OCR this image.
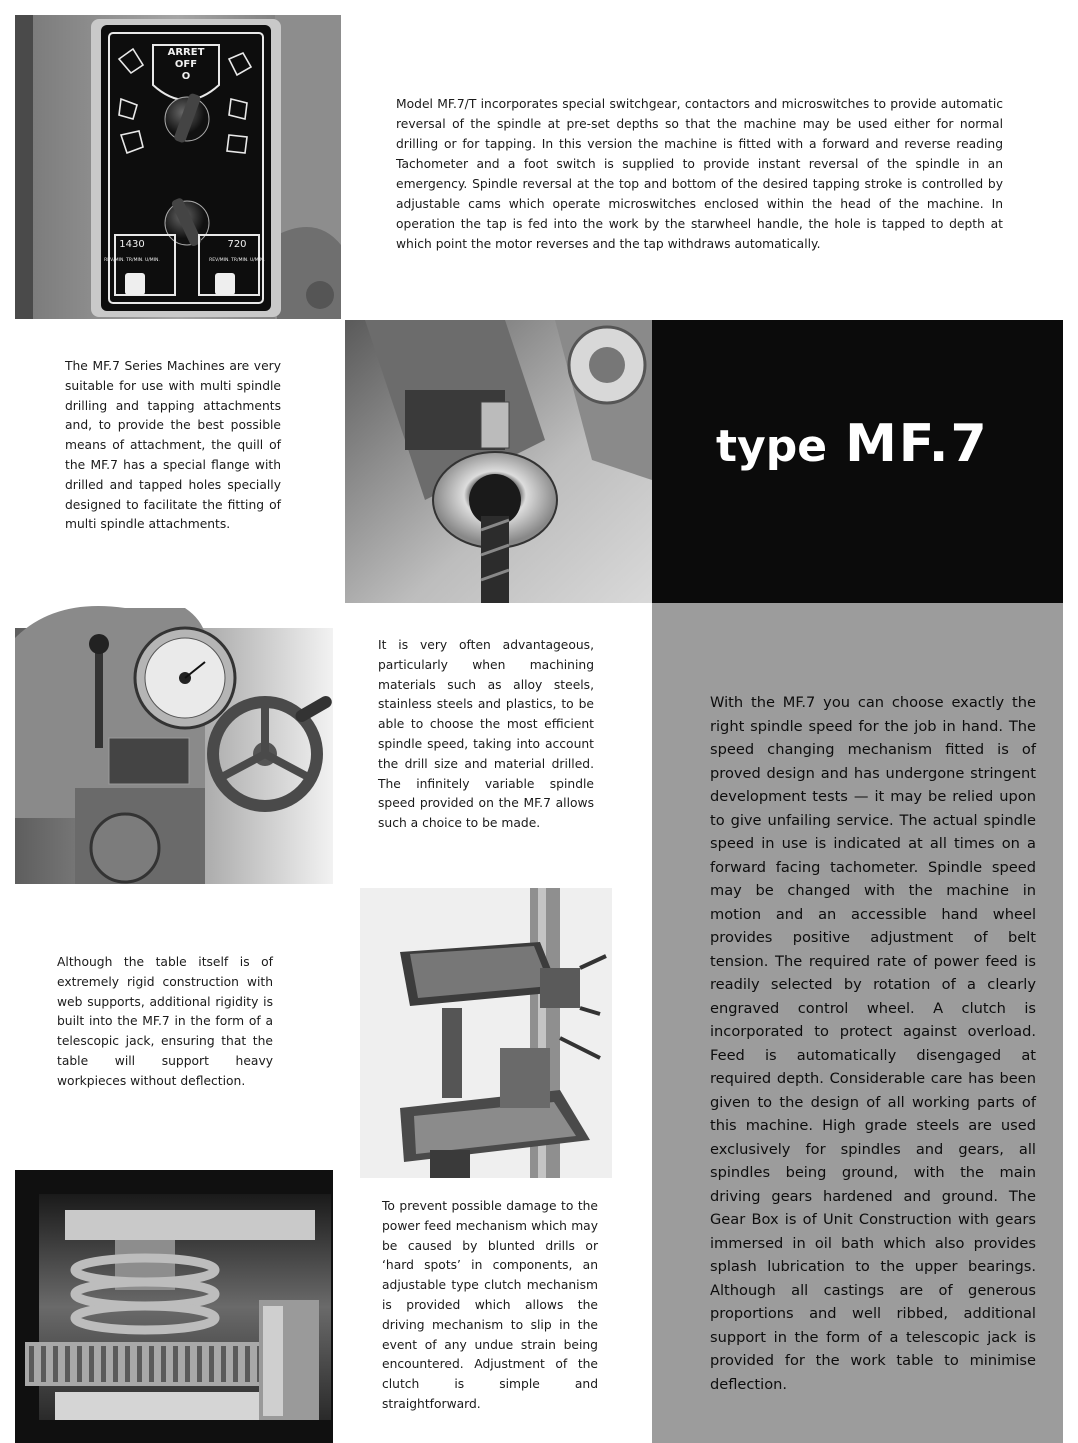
ARRET
OFF
O
1430	720
REV/MIN. TR/MIN. U/MIN.	REV/MIN. TR/MIN. U/MIN.

Model MF.7/T incorporates special switchgear, contactors and microswitches to provide automatic reversal of the spindle at pre-set depths so that the machine may be used either for normal drilling or for tapping. In this version the machine is fitted with a forward and reverse reading Tachometer and a foot switch is supplied to provide instant reversal of the spindle in an emergency. Spindle reversal at the top and bottom of the desired tapping stroke is controlled by adjustable cams which operate microswitches enclosed within the head of the machine. In operation the tap is fed into the work by the starwheel handle, the hole is tapped to depth at which point the motor reverses and the tap withdraws automatically.

The MF.7 Series Machines are very suitable for use with multi spindle drilling and tapping attachments and, to provide the best possible means of attachment, the quill of the MF.7 has a special flange with drilled and tapped holes specially designed to facilitate the fitting of multi spindle attachments.

type MF.7

It is very often advantageous, particularly when machining materials such as alloy steels, stainless steels and plastics, to be able to choose the most efficient spindle speed, taking into account the drill size and material drilled. The infinitely variable spindle speed provided on the MF.7 allows such a choice to be made.

With the MF.7 you can choose exactly the right spindle speed for the job in hand. The speed changing mechanism fitted is of proved design and has undergone stringent development tests — it may be relied upon to give unfailing service. The actual spindle speed in use is indicated at all times on a forward facing tachometer. Spindle speed may be changed with the machine in motion and an accessible hand wheel provides positive adjustment of belt tension. The required rate of power feed is readily selected by rotation of a clearly engraved control wheel. A clutch is incorporated to protect against overload. Feed is automatically disengaged at required depth. Considerable care has been given to the design of all working parts of this machine. High grade steels are used exclusively for spindles and gears, all spindles being ground, with the main driving gears hardened and ground. The Gear Box is of Unit Construction with gears immersed in oil bath which also provides splash lubrication to the upper bearings. Although all castings are of generous proportions and well ribbed, additional support in the form of a telescopic jack is provided for the work table to minimise deflection.

Although the table itself is of extremely rigid construction with web supports, additional rigidity is built into the MF.7 in the form of a telescopic jack, ensuring that the table will support heavy workpieces without deflection.

To prevent possible damage to the power feed mechanism which may be caused by blunted drills or ‘hard spots’ in components, an adjustable type clutch mechanism is provided which allows the driving mechanism to slip in the event of any undue strain being encountered. Adjustment of the clutch is simple and straightforward.
